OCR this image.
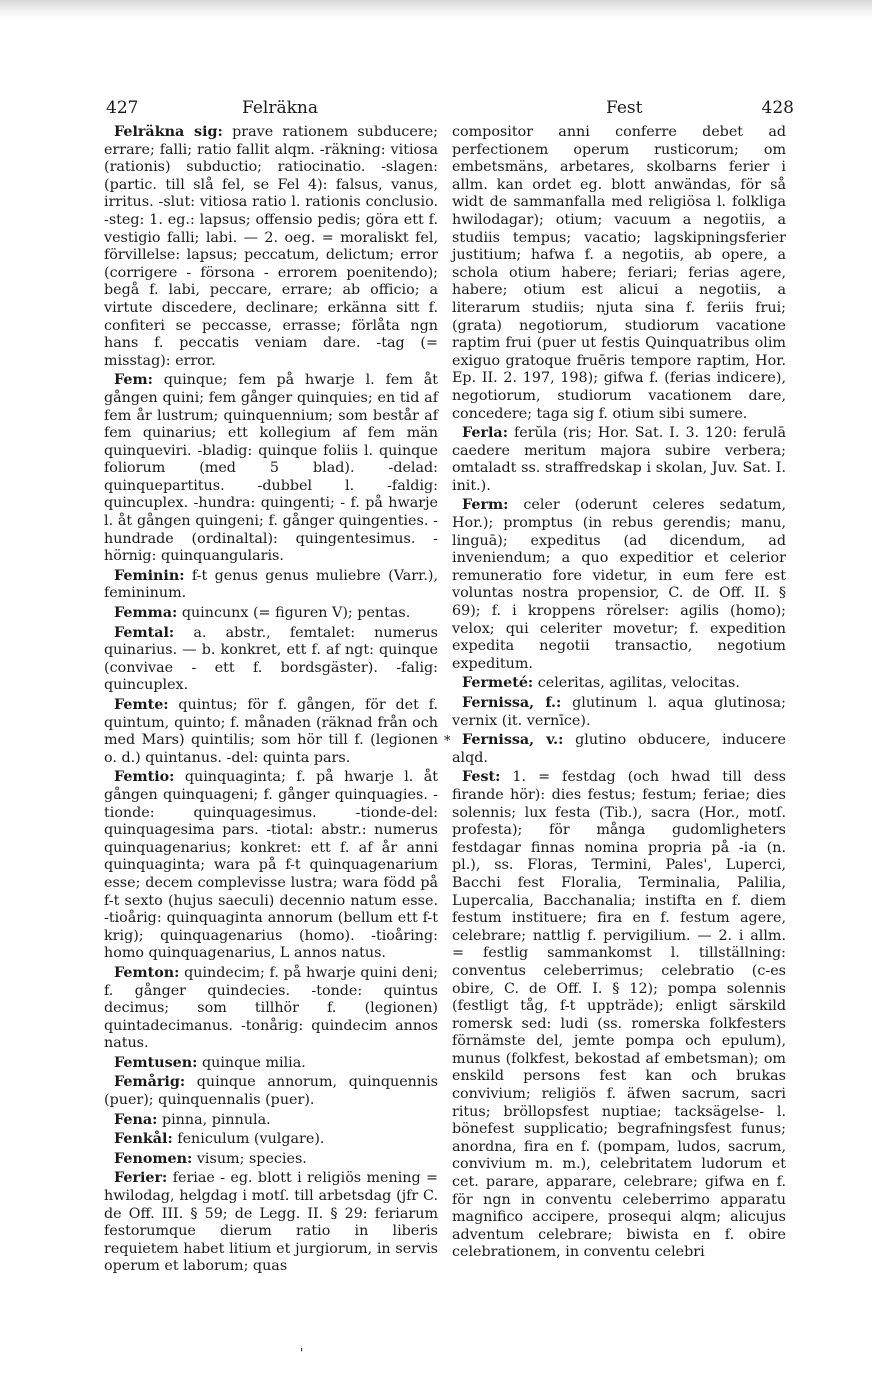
427	Felräkna	Fest	428

Felräkna sig: prave rationem subducere; errare; falli; ratio fallit alqm. -räkning: vitiosa (rationis) subductio; ratiocinatio. -slagen: (partic. till slå fel, se Fel 4): falsus, vanus, irritus. -slut: vitiosa ratio l. rationis conclusio. -steg: 1. eg.: lapsus; offensio pedis; göra ett f. vestigio falli; labi. — 2. oeg. = moraliskt fel, förvillelse: lapsus; peccatum, delictum; error (corrigere - försona - errorem poenitendo); begå f. labi, peccare, errare; ab officio; a virtute discedere, declinare; erkänna sitt f. confiteri se peccasse, errasse; förlåta ngn hans f. peccatis veniam dare. -tag (= misstag): error.

Fem: quinque; fem på hwarje l. fem åt gången quini; fem gånger quinquies; en tid af fem år lustrum; quinquennium; som består af fem quinarius; ett kollegium af fem män quinqueviri. -bladig: quinque foliis l. quinque foliorum (med 5 blad). -delad: quinquepartitus. -dubbel l. -faldig: quincuplex. -hundra: quingenti; - f. på hwarje l. åt gången quingeni; f. gånger quingenties. -hundrade (ordinaltal): quingentesimus. -hörnig: quinquangularis.

Feminin: f-t genus genus muliebre (Varr.), femininum.

Femma: quincunx (= figuren V); pentas.

Femtal: a. abstr., femtalet: numerus quinarius. — b. konkret, ett f. af ngt: quinque (convivae - ett f. bordsgäster). -falig: quincuplex.

Femte: quintus; för f. gången, för det f. quintum, quinto; f. månaden (räknad från och med Mars) quintilis; som hör till f. (legionen o. d.) quintanus. -del: quinta pars.

Femtio: quinquaginta; f. på hwarje l. åt gången quinquageni; f. gånger quinquagies. -tionde: quinquagesimus. -tionde-del: quinquagesima pars. -tiotal: abstr.: numerus quinquagenarius; konkret: ett f. af år anni quinquaginta; wara på f-t quinquagenarium esse; decem complevisse lustra; wara född på f-t sexto (hujus saeculi) decennio natum esse. -tioårig: quinquaginta annorum (bellum ett f-t krig); quinquagenarius (homo). -tioåring: homo quinquagenarius, L annos natus.

Femton: quindecim; f. på hwarje quini deni; f. gånger quindecies. -tonde: quintus decimus; som tillhör f. (legionen) quintadecimanus. -tonårig: quindecim annos natus.

Femtusen: quinque milia.

Femårig: quinque annorum, quinquennis (puer); quinquennalis (puer).

Fena: pinna, pinnula.

Fenkål: feniculum (vulgare).

Fenomen: visum; species.

Ferier: feriae - eg. blott i religiös mening = hwilodag, helgdag i motſ. till arbetsdag (jfr C. de Off. III. § 59; de Legg. II. § 29: feriarum festorumque dierum ratio in liberis requietem habet litium et jurgiorum, in servis operum et laborum; quas

compositor anni conferre debet ad perfectionem operum rusticorum; om embetsmäns, arbetares, skolbarns ferier i allm. kan ordet eg. blott anwändas, för så widt de sammanfalla med religiösa l. folkliga hwilodagar); otium; vacuum a negotiis, a studiis tempus; vacatio; lagskipningsferier justitium; hafwa f. a negotiis, ab opere, a schola otium habere; feriari; ferias agere, habere; otium est alicui a negotiis, a literarum studiis; njuta sina f. feriis frui; (grata) negotiorum, studiorum vacatione raptim frui (puer ut festis Quinquatribus olim exiguo gratoque fruēris tempore raptim, Hor. Ep. II. 2. 197, 198); gifwa f. (ferias indicere), negotiorum, studiorum vacationem dare, concedere; taga sig f. otium sibi sumere.

Ferla: ferŭla (ris; Hor. Sat. I. 3. 120: ferulā caedere meritum majora subire verbera; omtaladt ss. straffredskap i skolan, Juv. Sat. I. init.).

Ferm: celer (oderunt celeres sedatum, Hor.); promptus (in rebus gerendis; manu, linguā); expeditus (ad dicendum, ad inveniendum; a quo expeditior et celerior remuneratio fore videtur, in eum fere est voluntas nostra propensior, C. de Off. II. § 69); f. i kroppens rörelser: agilis (homo); velox; qui celeriter movetur; f. expedition expedita negotii transactio, negotium expeditum.

Fermeté: celeritas, agilitas, velocitas.

Fernissa, f.: glutinum l. aqua glutinosa; vernix (it. vernīce).

Fernissa, v.: glutino obducere, inducere alqd.

Fest: 1. = festdag (och hwad till dess firande hör): dies festus; festum; feriae; dies solennis; lux festa (Tib.), sacra (Hor., motſ. profesta); för många gudomligheters festdagar finnas nomina propria på -ia (n. pl.), ss. Floras, Termini, Pales', Luperci, Bacchi fest Floralia, Terminalia, Palilia, Lupercalia, Bacchanalia; instifta en f. diem festum instituere; fira en f. festum agere, celebrare; nattlig f. pervigilium. — 2. i allm. = festlig sammankomst l. tillställning: conventus celeberrimus; celebratio (c-es obire, C. de Off. I. § 12); pompa solennis (festligt tåg, f-t uppträde); enligt särskild romersk sed: ludi (ss. romerska folkfesters förnämste del, jemte pompa och epulum), munus (folkfest, bekostad af embetsman); om enskild persons fest kan och brukas convivium; religiös f. äfwen sacrum, sacri ritus; bröllopsfest nuptiae; tacksägelse- l. bönefest supplicatio; begrafningsfest funus; anordna, fira en f. (pompam, ludos, sacrum, convivium m. m.), celebritatem ludorum et cet. parare, apparare, celebrare; gifwa en f. för ngn in conventu celeberrimo apparatu magnifico accipere, prosequi alqm; alicujus adventum celebrare; biwista en f. obire celebrationem, in conventu celebri

*
'
